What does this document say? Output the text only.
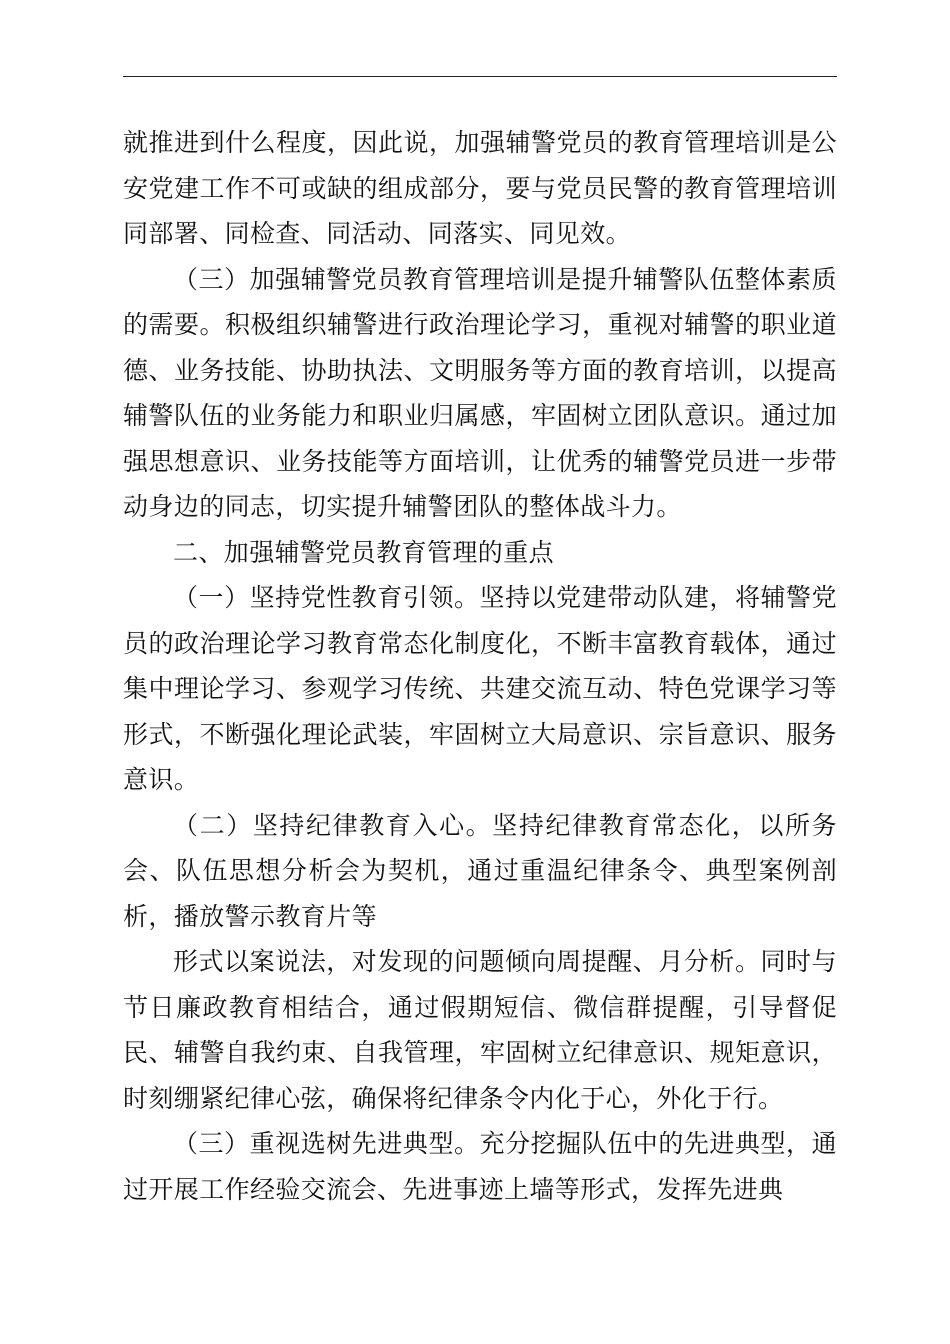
就推进到什么程度，因此说，加强辅警党员的教育管理培训是公安党建工作不可或缺的组成部分，要与党员民警的教育管理培训同部署、同检查、同活动、同落实、同见效。

（三）加强辅警党员教育管理培训是提升辅警队伍整体素质的需要。积极组织辅警进行政治理论学习，重视对辅警的职业道德、业务技能、协助执法、文明服务等方面的教育培训，以提高辅警队伍的业务能力和职业归属感，牢固树立团队意识。通过加强思想意识、业务技能等方面培训，让优秀的辅警党员进一步带动身边的同志，切实提升辅警团队的整体战斗力。

二、加强辅警党员教育管理的重点

（一）坚持党性教育引领。坚持以党建带动队建，将辅警党员的政治理论学习教育常态化制度化，不断丰富教育载体，通过集中理论学习、参观学习传统、共建交流互动、特色党课学习等形式，不断强化理论武装，牢固树立大局意识、宗旨意识、服务意识。

（二）坚持纪律教育入心。坚持纪律教育常态化，以所务会、队伍思想分析会为契机，通过重温纪律条令、典型案例剖析，播放警示教育片等

形式以案说法，对发现的问题倾向周提醒、月分析。同时与节日廉政教育相结合，通过假期短信、微信群提醒，引导督促民、辅警自我约束、自我管理，牢固树立纪律意识、规矩意识，时刻绷紧纪律心弦，确保将纪律条令内化于心，外化于行。

（三）重视选树先进典型。充分挖掘队伍中的先进典型，通过开展工作经验交流会、先进事迹上墙等形式，发挥先进典
